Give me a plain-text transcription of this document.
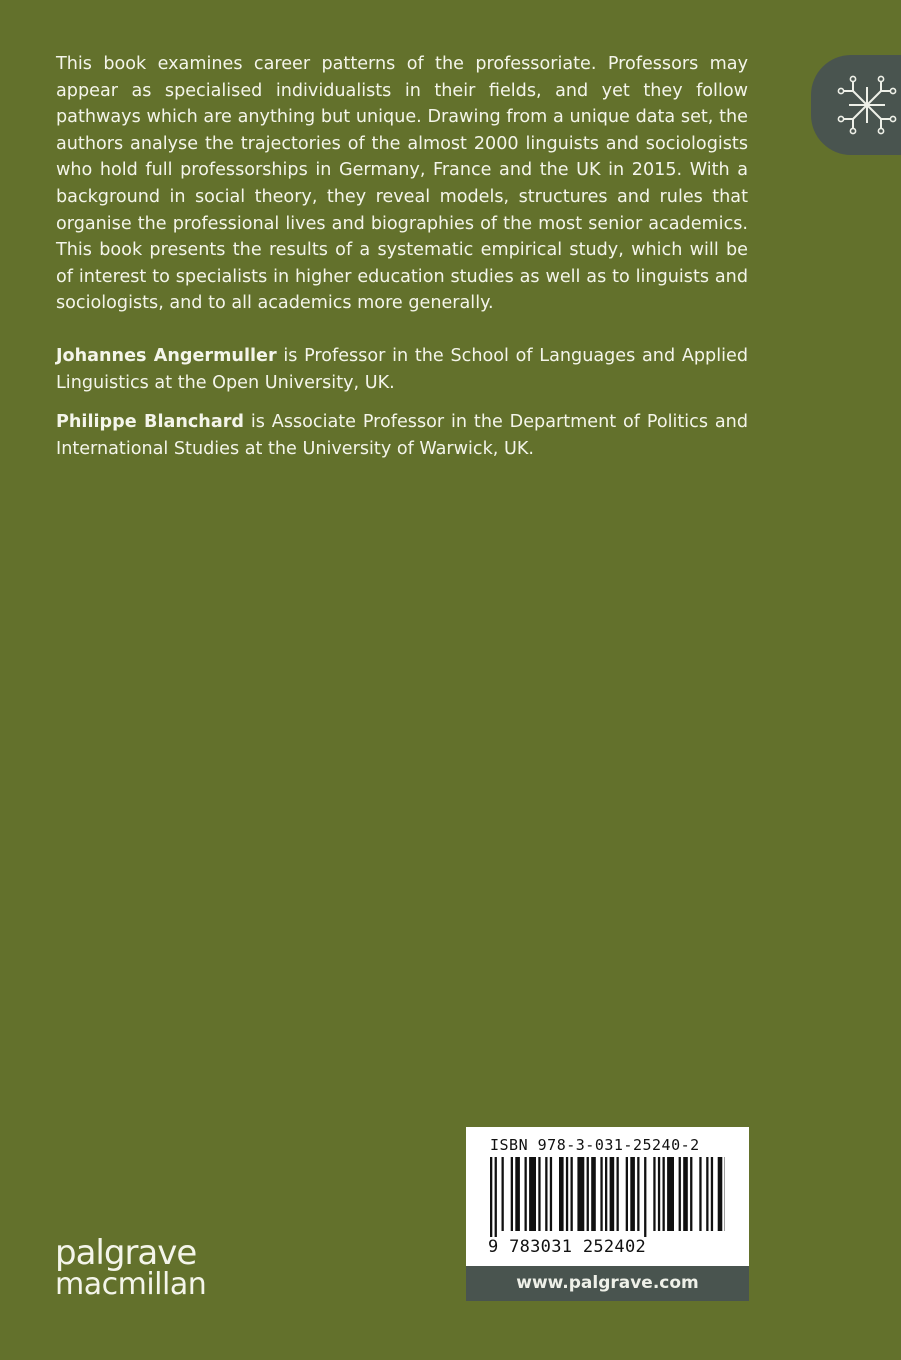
This book examines career patterns of the professoriate. Professors may appear as specialised individualists in their fields, and yet they follow pathways which are anything but unique. Drawing from a unique data set, the authors analyse the trajectories of the almost 2000 linguists and sociologists who hold full professorships in Germany, France and the UK in 2015. With a background in social theory, they reveal models, structures and rules that organise the professional lives and biographies of the most senior academics. This book presents the results of a systematic empirical study, which will be of interest to specialists in higher education studies as well as to linguists and sociologists, and to all academics more generally.

Johannes Angermuller is Professor in the School of Languages and Applied Linguistics at the Open University, UK.

Philippe Blanchard is Associate Professor in the Department of Politics and International Studies at the University of Warwick, UK.

ISBN 978-3-031-25240-2
9 783031 252402
www.palgrave.com
palgrave
macmillan
